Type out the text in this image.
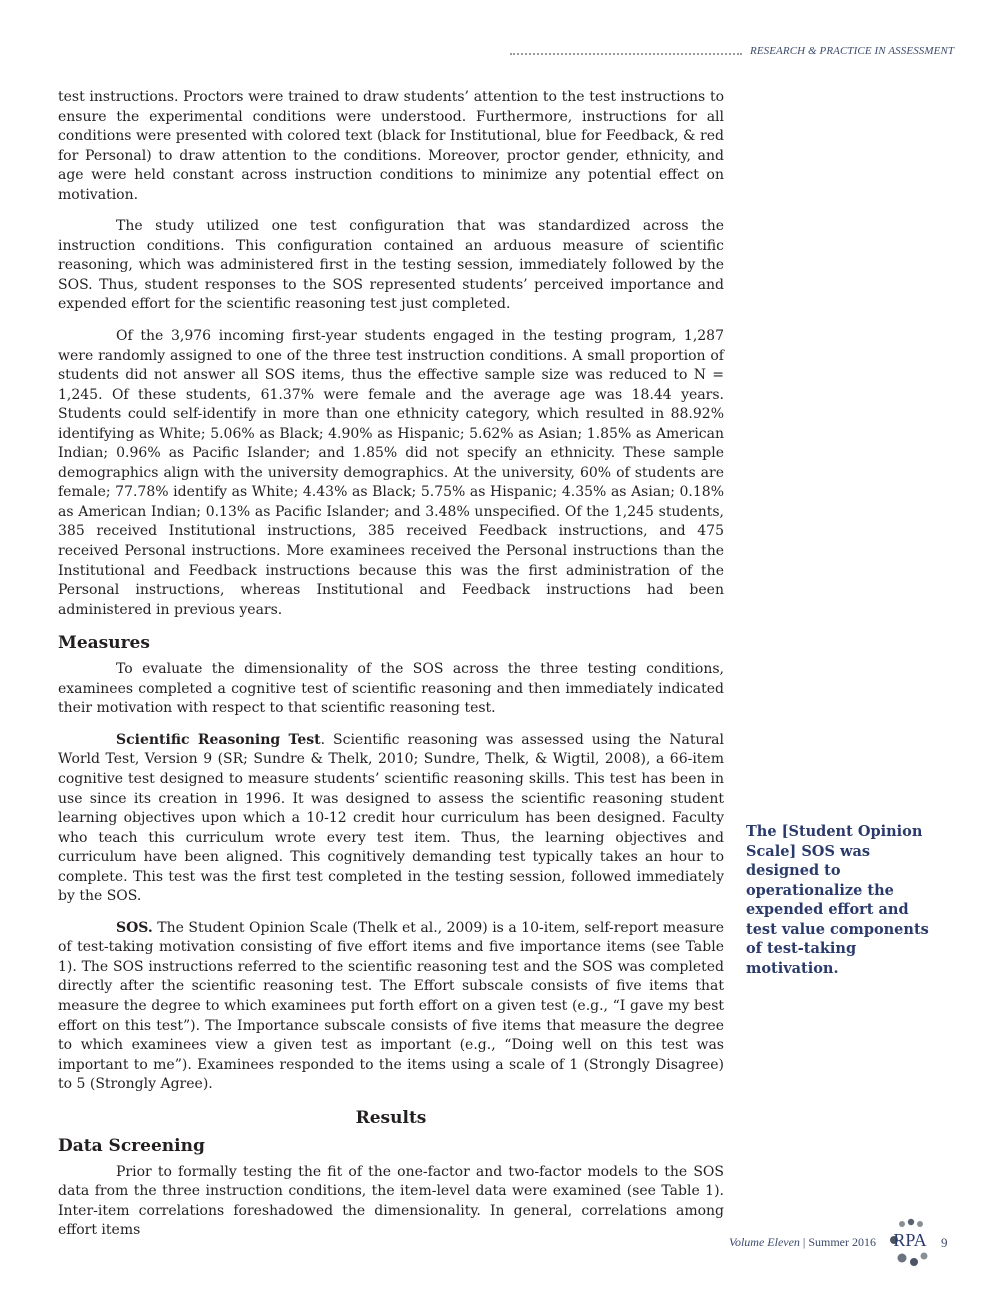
RESEARCH & PRACTICE IN ASSESSMENT

test instructions. Proctors were trained to draw students’ attention to the test instructions to ensure the experimental conditions were understood. Furthermore, instructions for all conditions were presented with colored text (black for Institutional, blue for Feedback, & red for Personal) to draw attention to the conditions. Moreover, proctor gender, ethnicity, and age were held constant across instruction conditions to minimize any potential effect on motivation.

The study utilized one test configuration that was standardized across the instruction conditions. This configuration contained an arduous measure of scientific reasoning, which was administered first in the testing session, immediately followed by the SOS. Thus, student responses to the SOS represented students’ perceived importance and expended effort for the scientific reasoning test just completed.

Of the 3,976 incoming first-year students engaged in the testing program, 1,287 were randomly assigned to one of the three test instruction conditions. A small proportion of students did not answer all SOS items, thus the effective sample size was reduced to N = 1,245. Of these students, 61.37% were female and the average age was 18.44 years. Students could self-identify in more than one ethnicity category, which resulted in 88.92% identifying as White; 5.06% as Black; 4.90% as Hispanic; 5.62% as Asian; 1.85% as American Indian; 0.96% as Pacific Islander; and 1.85% did not specify an ethnicity. These sample demographics align with the university demographics. At the university, 60% of students are female; 77.78% identify as White; 4.43% as Black; 5.75% as Hispanic; 4.35% as Asian; 0.18% as American Indian; 0.13% as Pacific Islander; and 3.48% unspecified. Of the 1,245 students, 385 received Institutional instructions, 385 received Feedback instructions, and 475 received Personal instructions. More examinees received the Personal instructions than the Institutional and Feedback instructions because this was the first administration of the Personal instructions, whereas Institutional and Feedback instructions had been administered in previous years.

Measures

To evaluate the dimensionality of the SOS across the three testing conditions, examinees completed a cognitive test of scientific reasoning and then immediately indicated their motivation with respect to that scientific reasoning test.

Scientific Reasoning Test. Scientific reasoning was assessed using the Natural World Test, Version 9 (SR; Sundre & Thelk, 2010; Sundre, Thelk, & Wigtil, 2008), a 66-item cognitive test designed to measure students’ scientific reasoning skills. This test has been in use since its creation in 1996. It was designed to assess the scientific reasoning student learning objectives upon which a 10-12 credit hour curriculum has been designed. Faculty who teach this curriculum wrote every test item. Thus, the learning objectives and curriculum have been aligned. This cognitively demanding test typically takes an hour to complete. This test was the first test completed in the testing session, followed immediately by the SOS.

SOS. The Student Opinion Scale (Thelk et al., 2009) is a 10-item, self-report measure of test-taking motivation consisting of five effort items and five importance items (see Table 1). The SOS instructions referred to the scientific reasoning test and the SOS was completed directly after the scientific reasoning test. The Effort subscale consists of five items that measure the degree to which examinees put forth effort on a given test (e.g., “I gave my best effort on this test”). The Importance subscale consists of five items that measure the degree to which examinees view a given test as important (e.g., “Doing well on this test was important to me”). Examinees responded to the items using a scale of 1 (Strongly Disagree) to 5 (Strongly Agree).

Results
Data Screening

Prior to formally testing the fit of the one-factor and two-factor models to the SOS data from the three instruction conditions, the item-level data were examined (see Table 1). Inter-item correlations foreshadowed the dimensionality. In general, correlations among effort items

The [Student Opinion Scale] SOS was designed to operationalize the expended effort and test value components of test-taking motivation.
Volume Eleven | Summer 2016 RPA 9
